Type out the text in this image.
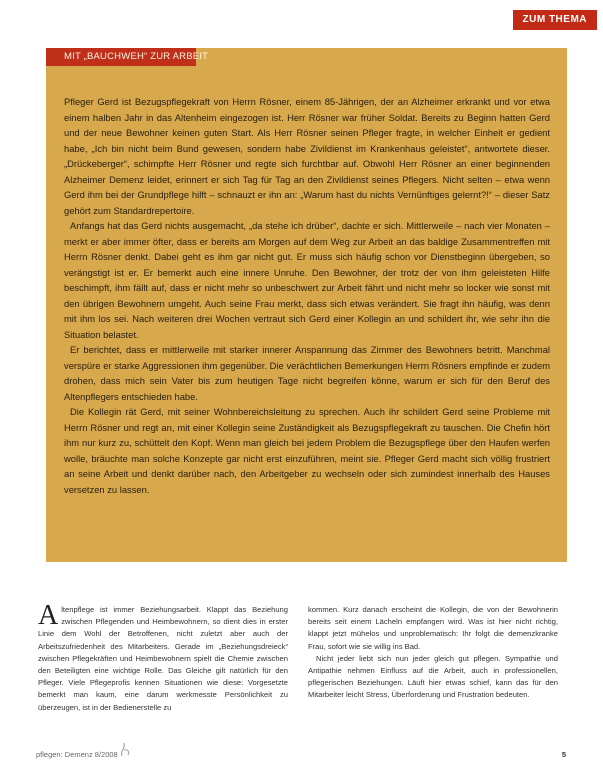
ZUM THEMA
MIT „BAUCHWEH“ ZUR ARBEIT

Pfleger Gerd ist Bezugspflegekraft von Herrn Rösner, einem 85-Jährigen, der an Alzheimer erkrankt und vor etwa einem halben Jahr in das Altenheim eingezogen ist. Herr Rösner war früher Soldat. Bereits zu Beginn hatten Gerd und der neue Bewohner keinen guten Start. Als Herr Rösner seinen Pfleger fragte, in welcher Einheit er gedient habe, „Ich bin nicht beim Bund gewesen, sondern habe Zivildienst im Krankenhaus geleistet“, antwortete dieser. „Drückeberger“, schimpfte Herr Rösner und regte sich furchtbar auf. Obwohl Herr Rösner an einer beginnenden Alzheimer Demenz leidet, erinnert er sich Tag für Tag an den Zivildienst seines Pflegers. Nicht selten – etwa wenn Gerd ihm bei der Grundpflege hilft – schnauzt er ihn an: „Warum hast du nichts Vernünftiges gelernt?!“ – dieser Satz gehört zum Standardrepertoire.

Anfangs hat das Gerd nichts ausgemacht, „da stehe ich drüber“, dachte er sich. Mittlerweile – nach vier Monaten – merkt er aber immer öfter, dass er bereits am Morgen auf dem Weg zur Arbeit an das baldige Zusammentreffen mit Herrn Rösner denkt. Dabei geht es ihm gar nicht gut. Er muss sich häufig schon vor Dienstbeginn übergeben, so verängstigt ist er. Er bemerkt auch eine innere Unruhe. Den Bewohner, der trotz der von ihm geleisteten Hilfe beschimpft, ihm fällt auf, dass er nicht mehr so unbeschwert zur Arbeit fährt und nicht mehr so locker wie sonst mit den übrigen Bewohnern umgeht. Auch seine Frau merkt, dass sich etwas verändert. Sie fragt ihn häufig, was denn mit ihm los sei. Nach weiteren drei Wochen vertraut sich Gerd einer Kollegin an und schildert ihr, wie sehr ihn die Situation belastet.

Er berichtet, dass er mittlerweile mit starker innerer Anspannung das Zimmer des Bewohners betritt. Manchmal verspüre er starke Aggressionen ihm gegenüber. Die verächtlichen Bemerkungen Herrn Rösners empfinde er zudem drohen, dass mich sein Vater bis zum heutigen Tage nicht begreifen könne, warum er sich für den Beruf des Altenpflegers entschieden habe.

Die Kollegin rät Gerd, mit seiner Wohnbereichsleitung zu sprechen. Auch ihr schildert Gerd seine Probleme mit Herrn Rösner und regt an, mit einer Kollegin seine Zuständigkeit als Bezugspflegekraft zu tauschen. Die Chefin hört ihm nur kurz zu, schüttelt den Kopf. Wenn man gleich bei jedem Problem die Bezugspflege über den Haufen werfen wolle, bräuchte man solche Konzepte gar nicht erst einzuführen, meint sie. Pfleger Gerd macht sich völlig frustriert an seine Arbeit und denkt darüber nach, den Arbeitgeber zu wechseln oder sich zumindest innerhalb des Hauses versetzen zu lassen.

Altenpflege ist immer Beziehungsarbeit. Klappt das Beziehung zwischen Pflegenden und Heimbewohnern, so dient dies in erster Linie dem Wohl der Betroffenen, nicht zuletzt aber auch der Arbeitszufriedenheit des Mitarbeiters. Gerade im „Beziehungsdreieck“ zwischen Pflegekräften und Heimbewohnern spielt die Chemie zwischen den Beteiligten eine wichtige Rolle. Das Gleiche gilt natürlich für den Pfleger. Viele Pflegeprofis kennen Situationen wie diese: Vorgesetzte bemerkt man kaum, eine darum werkmesste Persönlichkeit zu überzeugen, ist in der Bedienerstelle zu

kommen. Kurz danach erscheint die Kollegin, die von der Bewohnerin bereits seit einem Lächeln empfangen wird. Was ist hier nicht richtig, klappt jetzt mühelos und unproblematisch: Ihr folgt die demenzkranke Frau, sofort wie sie willig ins Bad.

Nicht jeder liebt sich nun jeder gleich gut pflegen. Sympathie und Antipathie nehmen Einfluss auf die Arbeit, auch in professionellen, pflegerischen Beziehungen. Läuft hier etwas schief, kann das für den Mitarbeiter leicht Stress, Überforderung und Frustration bedeuten.

pflegen: Demenz 8/2008	5
